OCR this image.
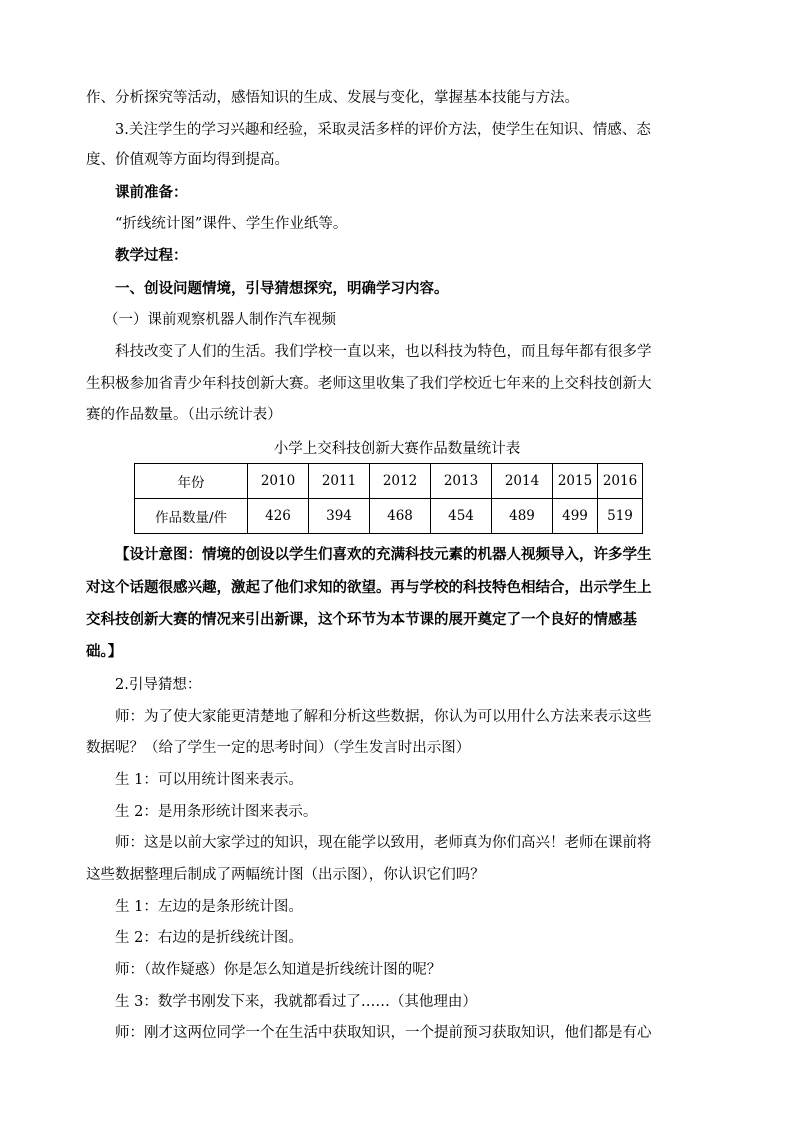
作、分析探究等活动，感悟知识的生成、发展与变化，掌握基本技能与方法。
3.关注学生的学习兴趣和经验，采取灵活多样的评价方法，使学生在知识、情感、态
度、价值观等方面均得到提高。
课前准备：
“折线统计图”课件、学生作业纸等。
教学过程：
一、创设问题情境，引导猜想探究，明确学习内容。
（一）课前观察机器人制作汽车视频
科技改变了人们的生活。我们学校一直以来，也以科技为特色，而且每年都有很多学
生积极参加省青少年科技创新大赛。老师这里收集了我们学校近七年来的上交科技创新大
赛的作品数量。（出示统计表）
小学上交科技创新大赛作品数量统计表
年份	2010	2011	2012	2013	2014	2015	2016
作品数量/件	426	394	468	454	489	499	519
【设计意图：情境的创设以学生们喜欢的充满科技元素的机器人视频导入，许多学生
对这个话题很感兴趣，激起了他们求知的欲望。再与学校的科技特色相结合，出示学生上
交科技创新大赛的情况来引出新课，这个环节为本节课的展开奠定了一个良好的情感基
础。】
2.引导猜想：
师：为了使大家能更清楚地了解和分析这些数据，你认为可以用什么方法来表示这些
数据呢？（给了学生一定的思考时间）（学生发言时出示图）
生 1：可以用统计图来表示。
生 2：是用条形统计图来表示。
师：这是以前大家学过的知识，现在能学以致用，老师真为你们高兴！老师在课前将
这些数据整理后制成了两幅统计图（出示图），你认识它们吗？
生 1：左边的是条形统计图。
生 2：右边的是折线统计图。
师：（故作疑惑）你是怎么知道是折线统计图的呢？
生 3：数学书刚发下来，我就都看过了……（其他理由）
师：刚才这两位同学一个在生活中获取知识，一个提前预习获取知识，他们都是有心
